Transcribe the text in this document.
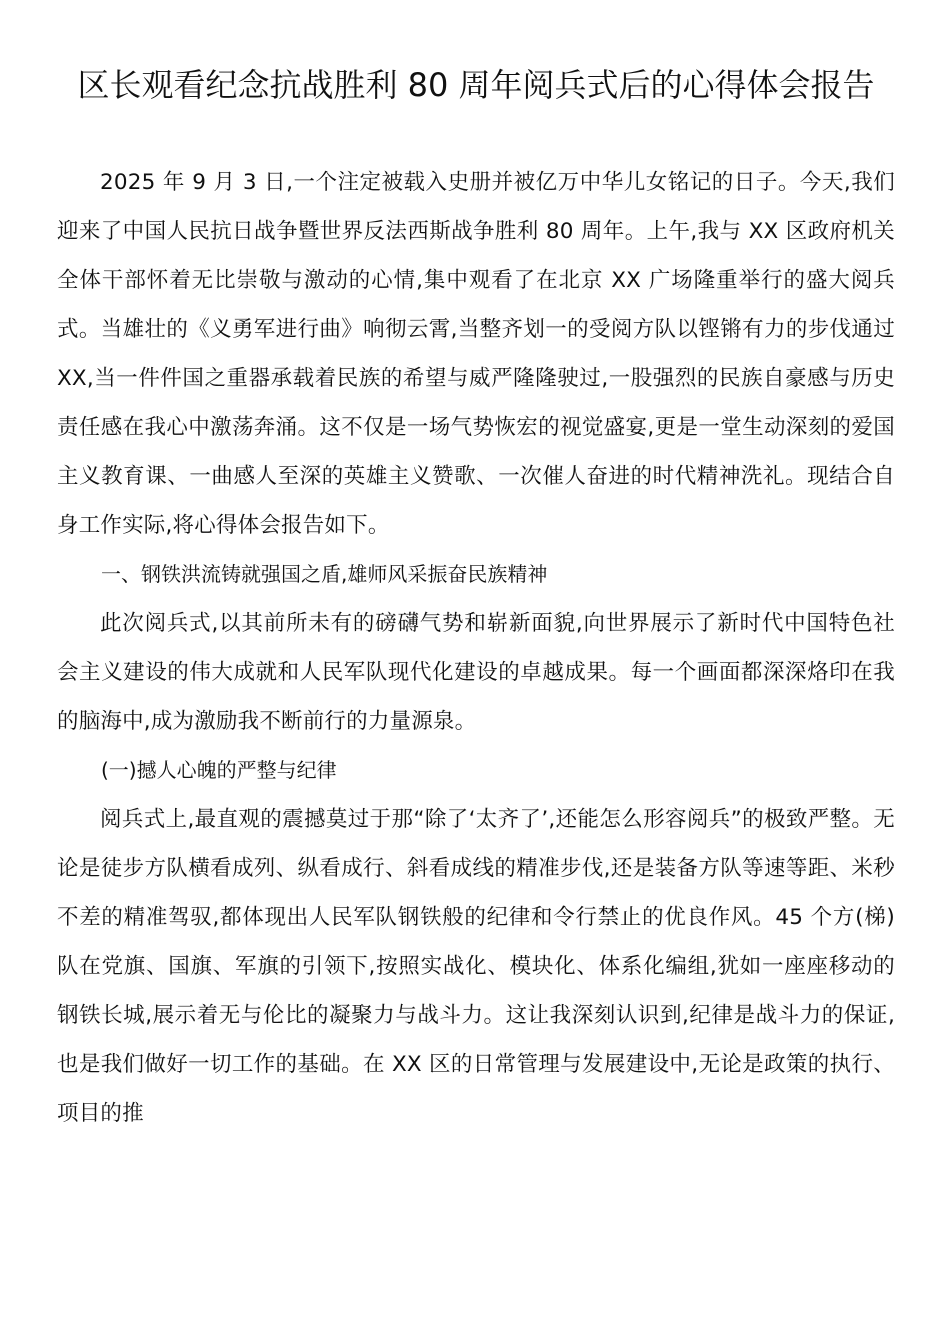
区长观看纪念抗战胜利 80 周年阅兵式后的心得体会报告

2025 年 9 月 3 日,一个注定被载入史册并被亿万中华儿女铭记的日子。今天,我们迎来了中国人民抗日战争暨世界反法西斯战争胜利 80 周年。上午,我与 XX 区政府机关全体干部怀着无比崇敬与激动的心情,集中观看了在北京 XX 广场隆重举行的盛大阅兵式。当雄壮的《义勇军进行曲》响彻云霄,当整齐划一的受阅方队以铿锵有力的步伐通过 XX,当一件件国之重器承载着民族的希望与威严隆隆驶过,一股强烈的民族自豪感与历史责任感在我心中激荡奔涌。这不仅是一场气势恢宏的视觉盛宴,更是一堂生动深刻的爱国主义教育课、一曲感人至深的英雄主义赞歌、一次催人奋进的时代精神洗礼。现结合自身工作实际,将心得体会报告如下。

一、钢铁洪流铸就强国之盾,雄师风采振奋民族精神

此次阅兵式,以其前所未有的磅礴气势和崭新面貌,向世界展示了新时代中国特色社会主义建设的伟大成就和人民军队现代化建设的卓越成果。每一个画面都深深烙印在我的脑海中,成为激励我不断前行的力量源泉。

(一)撼人心魄的严整与纪律

阅兵式上,最直观的震撼莫过于那“除了‘太齐了’,还能怎么形容阅兵”的极致严整。无论是徒步方队横看成列、纵看成行、斜看成线的精准步伐,还是装备方队等速等距、米秒不差的精准驾驭,都体现出人民军队钢铁般的纪律和令行禁止的优良作风。45 个方(梯)队在党旗、国旗、军旗的引领下,按照实战化、模块化、体系化编组,犹如一座座移动的钢铁长城,展示着无与伦比的凝聚力与战斗力。这让我深刻认识到,纪律是战斗力的保证,也是我们做好一切工作的基础。在 XX 区的日常管理与发展建设中,无论是政策的执行、项目的推
